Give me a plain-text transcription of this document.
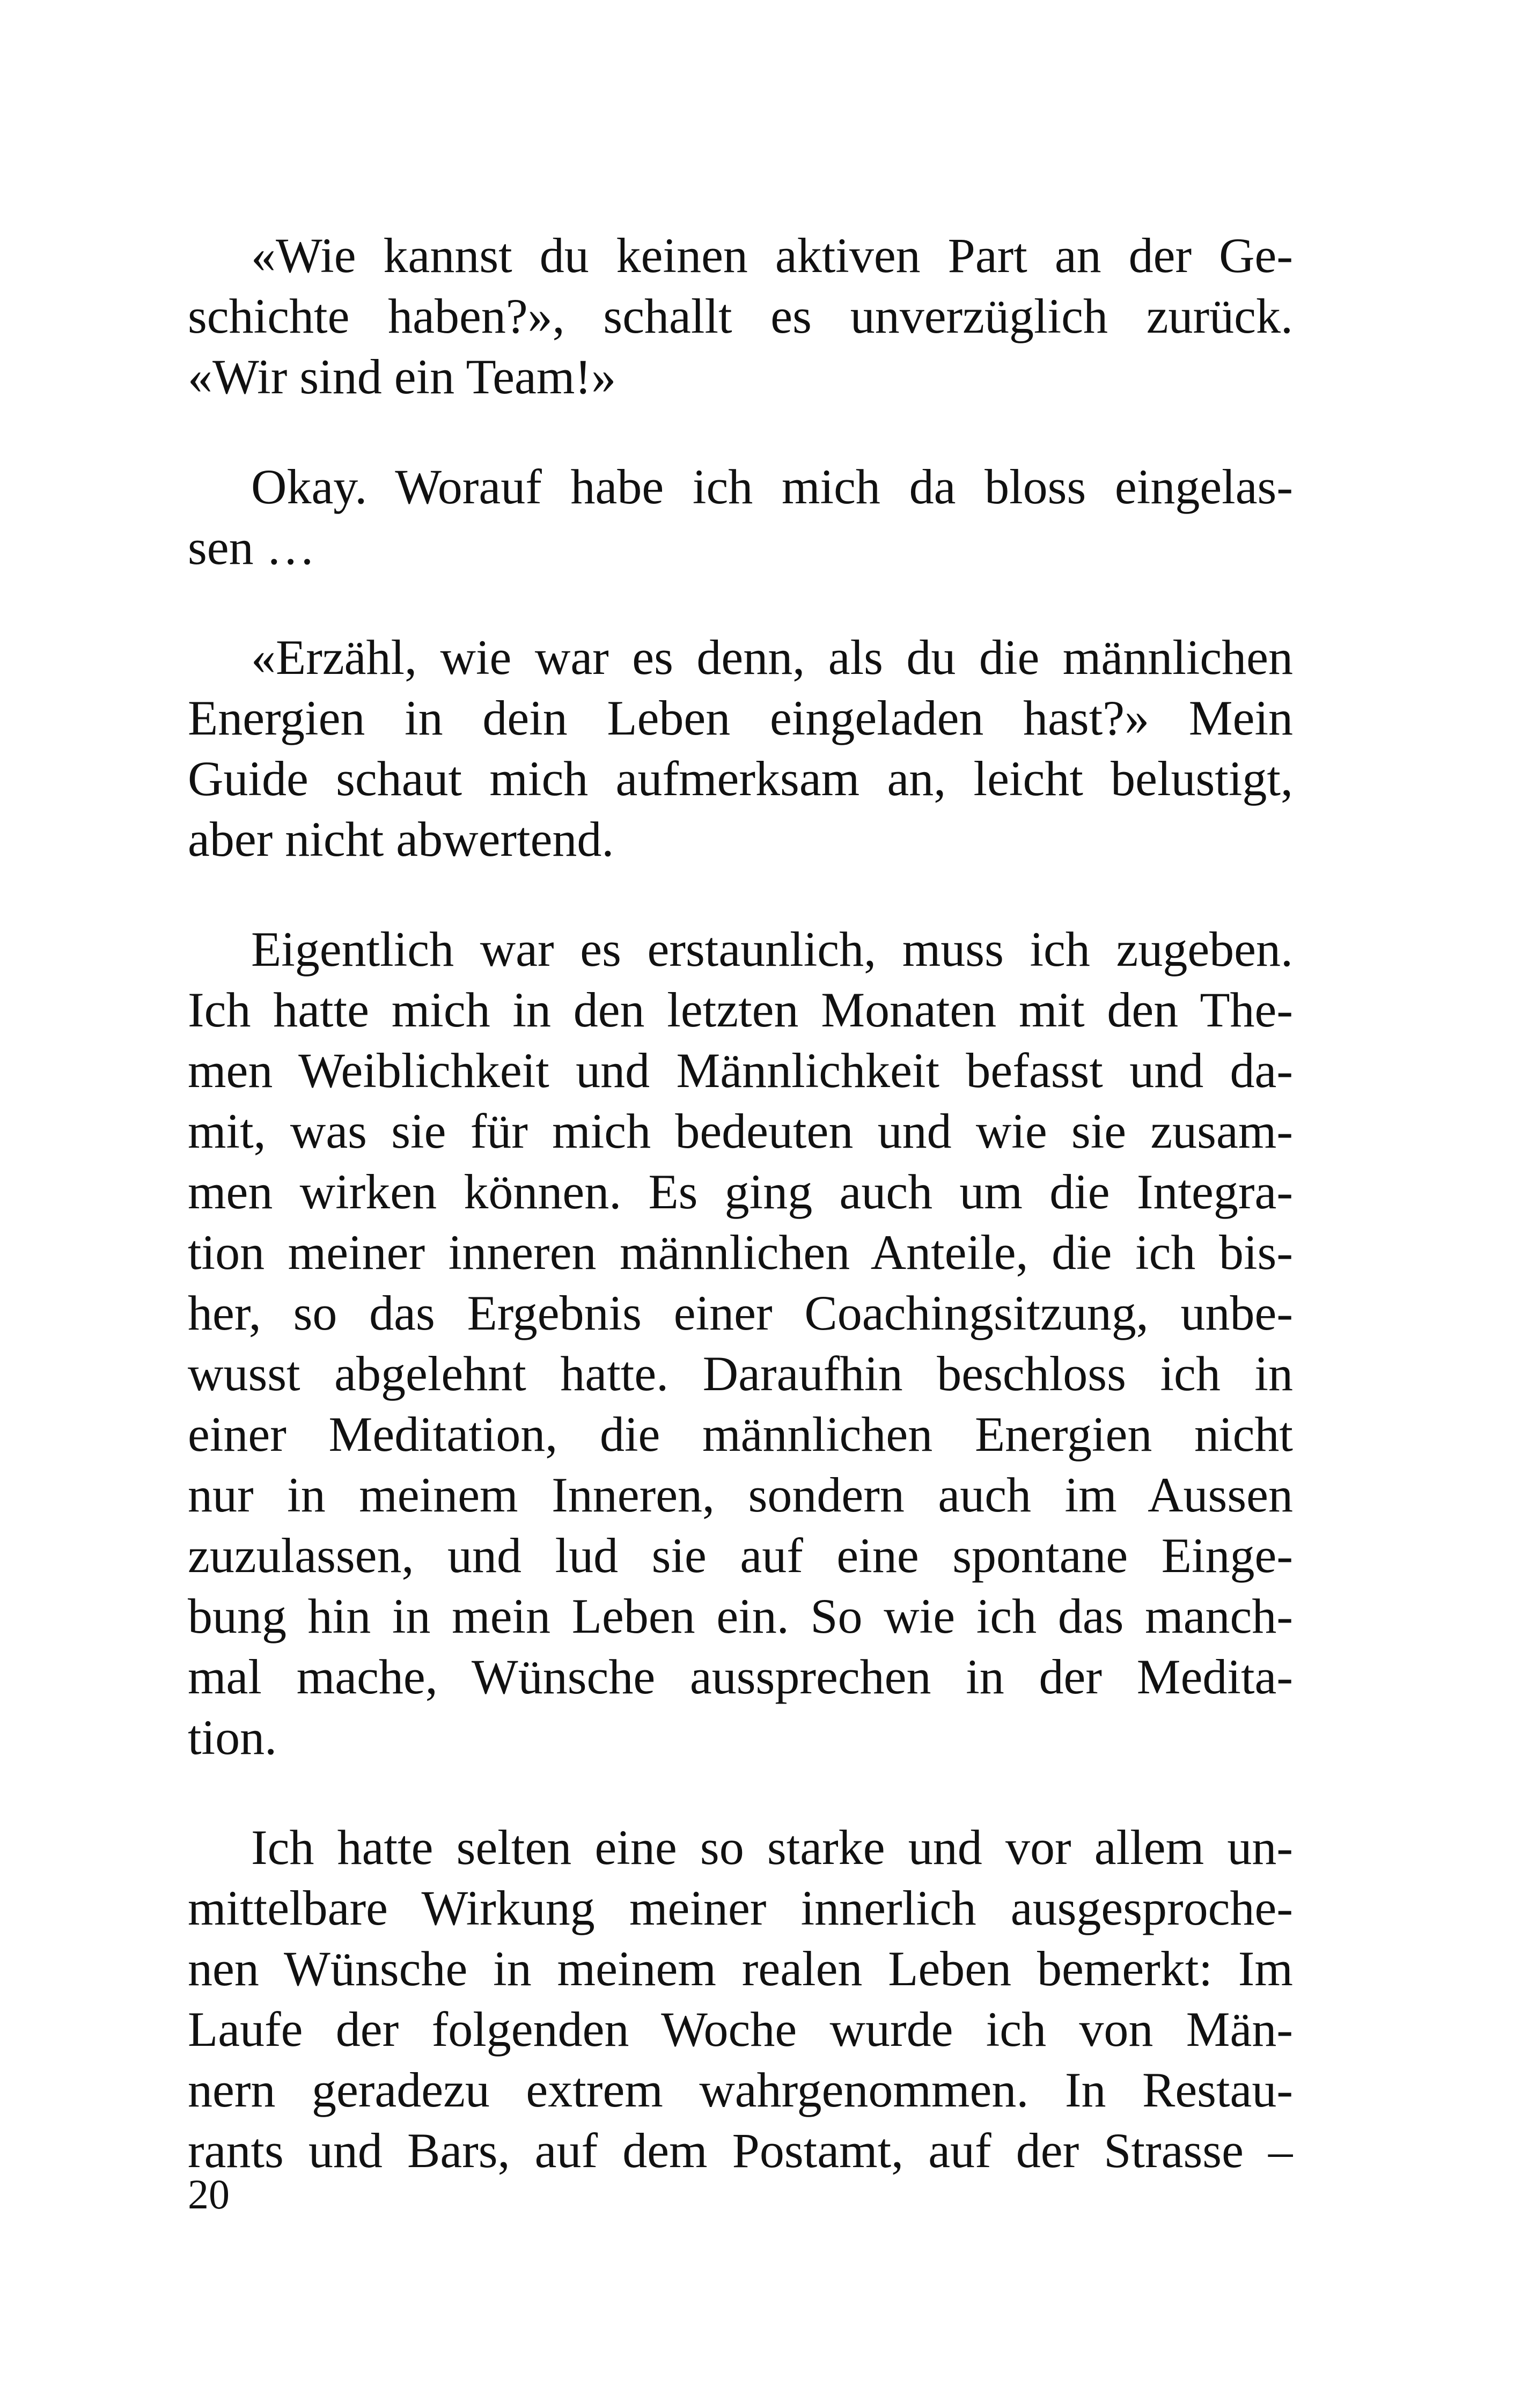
«Wie kannst du keinen aktiven Part an der Ge-
schichte haben?», schallt es unverzüglich zurück.
«Wir sind ein Team!»

Okay. Worauf habe ich mich da bloss eingelas-
sen …

«Erzähl, wie war es denn, als du die männlichen
Energien in dein Leben eingeladen hast?» Mein
Guide schaut mich aufmerksam an, leicht belustigt,
aber nicht abwertend.

Eigentlich war es erstaunlich, muss ich zugeben.
Ich hatte mich in den letzten Monaten mit den The-
men Weiblichkeit und Männlichkeit befasst und da-
mit, was sie für mich bedeuten und wie sie zusam-
men wirken können. Es ging auch um die Integra-
tion meiner inneren männlichen Anteile, die ich bis-
her, so das Ergebnis einer Coachingsitzung, unbe-
wusst abgelehnt hatte. Daraufhin beschloss ich in
einer Meditation, die männlichen Energien nicht
nur in meinem Inneren, sondern auch im Aussen
zuzulassen, und lud sie auf eine spontane Einge-
bung hin in mein Leben ein. So wie ich das manch-
mal mache, Wünsche aussprechen in der Medita-
tion.

Ich hatte selten eine so starke und vor allem un-
mittelbare Wirkung meiner innerlich ausgesproche-
nen Wünsche in meinem realen Leben bemerkt: Im
Laufe der folgenden Woche wurde ich von Män-
nern geradezu extrem wahrgenommen. In Restau-
rants und Bars, auf dem Postamt, auf der Strasse –

20
